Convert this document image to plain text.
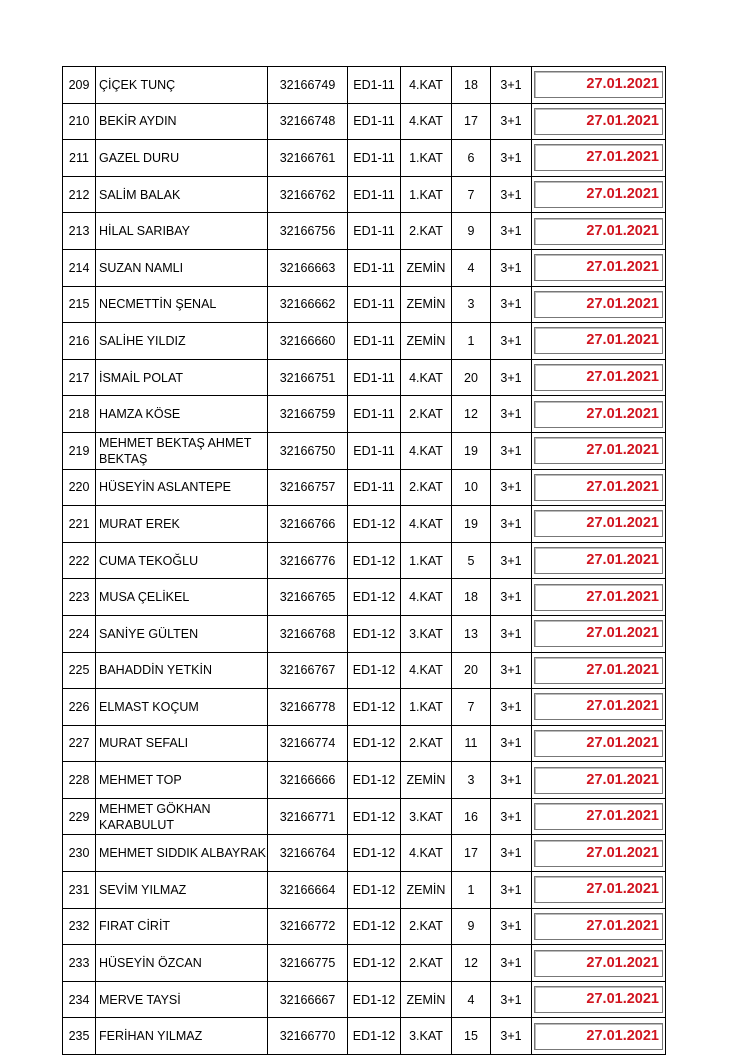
209	ÇİÇEK TUNÇ	32166749	ED1-11	4.KAT	18	3+1	27.01.2021

210	BEKİR AYDIN	32166748	ED1-11	4.KAT	17	3+1	27.01.2021

211	GAZEL DURU	32166761	ED1-11	1.KAT	6	3+1	27.01.2021

212	SALİM BALAK	32166762	ED1-11	1.KAT	7	3+1	27.01.2021

213	HİLAL SARIBAY	32166756	ED1-11	2.KAT	9	3+1	27.01.2021

214	SUZAN NAMLI	32166663	ED1-11	ZEMİN	4	3+1	27.01.2021

215	NECMETTİN ŞENAL	32166662	ED1-11	ZEMİN	3	3+1	27.01.2021

216	SALİHE YILDIZ	32166660	ED1-11	ZEMİN	1	3+1	27.01.2021

217	İSMAİL POLAT	32166751	ED1-11	4.KAT	20	3+1	27.01.2021

218	HAMZA KÖSE	32166759	ED1-11	2.KAT	12	3+1	27.01.2021

219	MEHMET BEKTAŞ AHMET BEKTAŞ	32166750	ED1-11	4.KAT	19	3+1	27.01.2021

220	HÜSEYİN ASLANTEPE	32166757	ED1-11	2.KAT	10	3+1	27.01.2021

221	MURAT EREK	32166766	ED1-12	4.KAT	19	3+1	27.01.2021

222	CUMA TEKOĞLU	32166776	ED1-12	1.KAT	5	3+1	27.01.2021

223	MUSA ÇELİKEL	32166765	ED1-12	4.KAT	18	3+1	27.01.2021

224	SANİYE GÜLTEN	32166768	ED1-12	3.KAT	13	3+1	27.01.2021

225	BAHADDİN YETKİN	32166767	ED1-12	4.KAT	20	3+1	27.01.2021

226	ELMAST KOÇUM	32166778	ED1-12	1.KAT	7	3+1	27.01.2021

227	MURAT SEFALI	32166774	ED1-12	2.KAT	11	3+1	27.01.2021

228	MEHMET TOP	32166666	ED1-12	ZEMİN	3	3+1	27.01.2021

229	MEHMET GÖKHAN KARABULUT	32166771	ED1-12	3.KAT	16	3+1	27.01.2021

230	MEHMET SIDDIK ALBAYRAK	32166764	ED1-12	4.KAT	17	3+1	27.01.2021

231	SEVİM YILMAZ	32166664	ED1-12	ZEMİN	1	3+1	27.01.2021

232	FIRAT CİRİT	32166772	ED1-12	2.KAT	9	3+1	27.01.2021

233	HÜSEYİN ÖZCAN	32166775	ED1-12	2.KAT	12	3+1	27.01.2021

234	MERVE TAYSİ	32166667	ED1-12	ZEMİN	4	3+1	27.01.2021

235	FERİHAN YILMAZ	32166770	ED1-12	3.KAT	15	3+1	27.01.2021
